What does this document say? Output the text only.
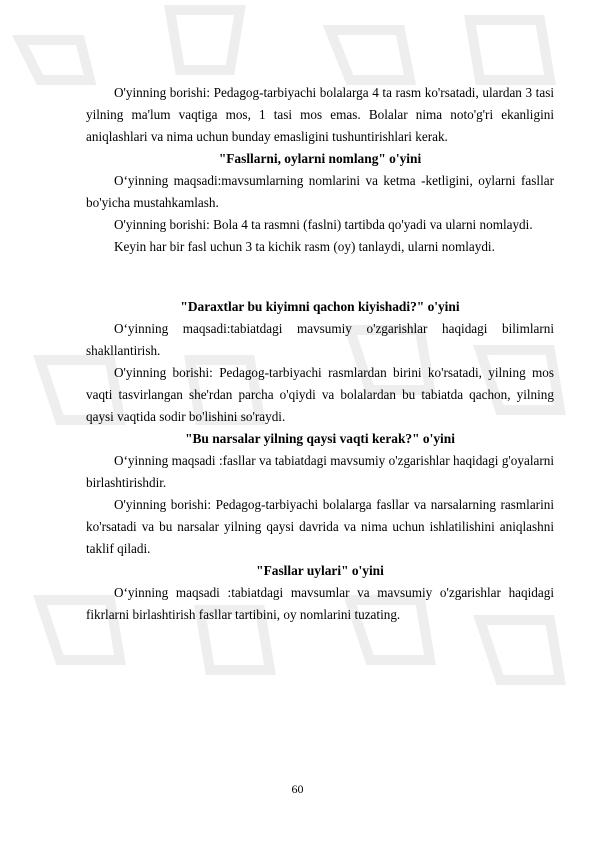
O'yinning borishi: Pedagog-tarbiyachi bolalarga 4 ta rasm ko'rsatadi, ulardan 3 tasi yilning ma'lum vaqtiga mos, 1 tasi mos emas. Bolalar nima noto'g'ri ekanligini aniqlashlari va nima uchun bunday emasligini tushuntirishlari kerak.

"Fasllarni, oylarni nomlang" o'yini

O‘yinning maqsadi:mavsumlarning nomlarini va ketma -ketligini, oylarni fasllar bo'yicha mustahkamlash.

O'yinning borishi: Bola 4 ta rasmni (faslni) tartibda qo'yadi va ularni nomlaydi.

Keyin har bir fasl uchun 3 ta kichik rasm (oy) tanlaydi, ularni nomlaydi.

"Daraxtlar bu kiyimni qachon kiyishadi?" o'yini

O‘yinning maqsadi:tabiatdagi mavsumiy o'zgarishlar haqidagi bilimlarni shakllantirish.

O'yinning borishi: Pedagog-tarbiyachi rasmlardan birini ko'rsatadi, yilning mos vaqti tasvirlangan she'rdan parcha o'qiydi va bolalardan bu tabiatda qachon, yilning qaysi vaqtida sodir bo'lishini so'raydi.

"Bu narsalar yilning qaysi vaqti kerak?" o'yini

O‘yinning maqsadi :fasllar va tabiatdagi mavsumiy o'zgarishlar haqidagi g'oyalarni birlashtirishdir.

O'yinning borishi: Pedagog-tarbiyachi bolalarga fasllar va narsalarning rasmlarini ko'rsatadi va bu narsalar yilning qaysi davrida va nima uchun ishlatilishini aniqlashni taklif qiladi.

"Fasllar uylari" o'yini

O‘yinning maqsadi :tabiatdagi mavsumlar va mavsumiy o'zgarishlar haqidagi fikrlarni birlashtirish fasllar tartibini, oy nomlarini tuzating.

60
